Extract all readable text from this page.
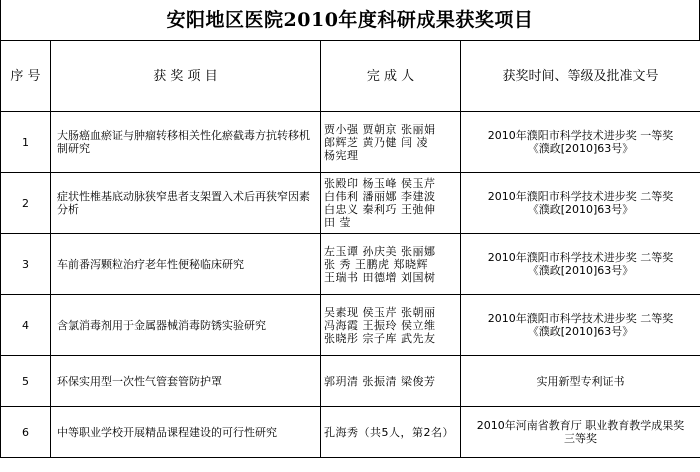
安阳地区医院2010年度科研成果获奖项目
序 号	获 奖 项 目	完 成 人	获奖时间、等级及批准文号
1	大肠癌血瘀证与肿瘤转移相关性化瘀截毒方抗转移机制研究	贾小强 贾朝京 张丽娟
郎辉芝 黄乃健 闫 凌
杨宪理	2010年濮阳市科学技术进步奖 一等奖
《濮政[2010]63号》

2	症状性椎基底动脉狭窄患者支架置入术后再狭窄因素分析	张殿印 杨玉峰 侯玉芹
白伟利 潘丽娜 李建波
白忠义 秦利巧 王弛伸
田 莹	2010年濮阳市科学技术进步奖 二等奖
《濮政[2010]63号》

3	车前番泻颗粒治疗老年性便秘临床研究	左玉谭 孙庆美 张丽娜
张 秀 王鹏虎 郑晓辉
王瑞书 田德增 刘国树	2010年濮阳市科学技术进步奖 二等奖
《濮政[2010]63号》

4	含氯消毒剂用于金属器械消毒防锈实验研究	吴素现 侯玉芹 张朝丽
冯海霞 王振玲 侯立维
张晓彤 宗子库 武先友	2010年濮阳市科学技术进步奖 二等奖
《濮政[2010]63号》

5	环保实用型一次性气管套管防护罩	郭玥清 张振清 梁俊芳	实用新型专利证书

6	中等职业学校开展精品课程建设的可行性研究	孔海秀（共5人，第2名）	2010年河南省教育厅 职业教育教学成果奖
三等奖
